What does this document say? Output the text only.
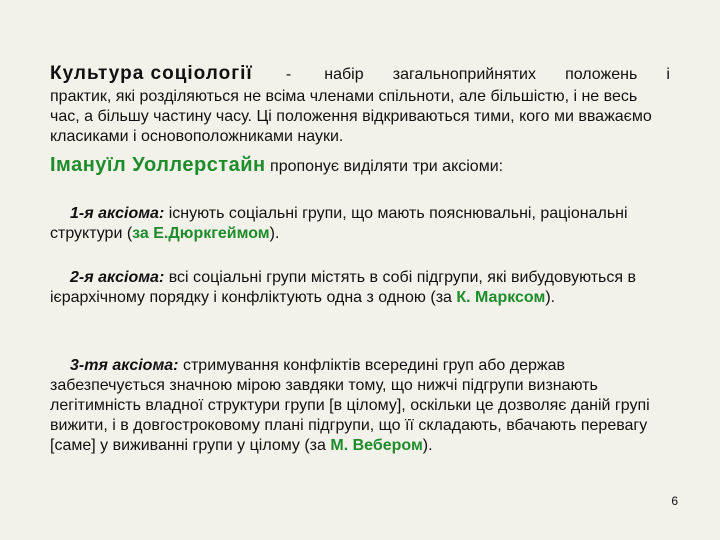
Культура соціології - набір загальноприйнятих положень і
практик, які розділяються не всіма членами спільноти, але більшістю, і не весь час, а більшу частину часу. Ці положення відкриваються тими, кого ми вважаємо класиками і основоположниками науки.
Імануїл Уоллерстайн пропонує виділяти три аксіоми:
1-я аксіома: існують соціальні групи, що мають пояснювальні, раціональні структури (за Е.Дюркгеймом).
2-я аксіома: всі соціальні групи містять в собі підгрупи, які вибудовуються в ієрархічному порядку і конфліктують одна з одною (за К. Марксом).
3-тя аксіома: стримування конфліктів всередині груп або держав забезпечується значною мірою завдяки тому, що нижчі підгрупи визнають легітимність владної структури групи [в цілому], оскільки це дозволяє даній групі вижити, і в довгостроковому плані підгрупи, що її складають, вбачають перевагу [саме] у виживанні групи у цілому (за М. Вебером).
6
